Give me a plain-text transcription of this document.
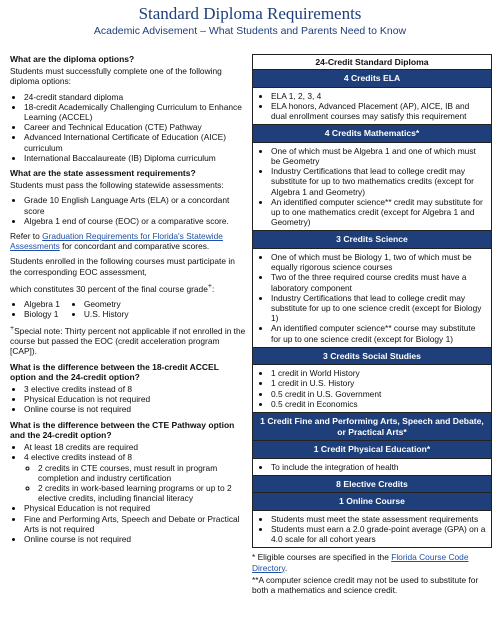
Standard Diploma Requirements
Academic Advisement – What Students and Parents Need to Know
What are the diploma options?

Students must successfully complete one of the following diploma options:

• 24-credit standard diploma
• 18-credit Academically Challenging Curriculum to Enhance Learning (ACCEL)
• Career and Technical Education (CTE) Pathway
• Advanced International Certificate of Education (AICE) curriculum
• International Baccalaureate (IB) Diploma curriculum
What are the state assessment requirements?

Students must pass the following statewide assessments:

• Grade 10 English Language Arts (ELA) or a concordant score
• Algebra 1 end of course (EOC) or a comparative score.

Refer to Graduation Requirements for Florida's Statewide Assessments for concordant and comparative scores.

Students enrolled in the following courses must participate in the corresponding EOC assessment,

which constitutes 30 percent of the final course grade+:

• Algebra 1
• Biology 1
• Geometry
• U.S. History

+Special note: Thirty percent not applicable if not enrolled in the course but passed the EOC (credit acceleration program [CAP]).

What is the difference between the 18-credit ACCEL option and the 24-credit option?
• 3 elective credits instead of 8
• Physical Education is not required
• Online course is not required
What is the difference between the CTE Pathway option and the 24-credit option?
• At least 18 credits are required
• 4 elective credits instead of 8
◦ 2 credits in CTE courses, must result in program completion and industry certification
◦ 2 credits in work-based learning programs or up to 2 elective credits, including financial literacy
• Physical Education is not required
• Fine and Performing Arts, Speech and Debate or Practical Arts is not required
• Online course is not required
24-Credit Standard Diploma
4 Credits ELA
• ELA 1, 2, 3, 4
• ELA honors, Advanced Placement (AP), AICE, IB and dual enrollment courses may satisfy this requirement
4 Credits Mathematics*
• One of which must be Algebra 1 and one of which must be Geometry
• Industry Certifications that lead to college credit may substitute for up to two mathematics credits (except for Algebra 1 and Geometry)
• An identified computer science** credit may substitute for up to one mathematics credit (except for Algebra 1 and Geometry)
3 Credits Science
• One of which must be Biology 1, two of which must be equally rigorous science courses
• Two of the three required course credits must have a laboratory component
• Industry Certifications that lead to college credit may substitute for up to one science credit (except for Biology 1)
• An identified computer science** course may substitute for up to one science credit (except for Biology 1)
3 Credits Social Studies
• 1 credit in World History
• 1 credit in U.S. History
• 0.5 credit in U.S. Government
• 0.5 credit in Economics
1 Credit Fine and Performing Arts, Speech and Debate, or Practical Arts*
1 Credit Physical Education*
• To include the integration of health
8 Elective Credits
1 Online Course
• Students must meet the state assessment requirements
• Students must earn a 2.0 grade-point average (GPA) on a 4.0 scale for all cohort years

* Eligible courses are specified in the Florida Course Code Directory.

**A computer science credit may not be used to substitute for both a mathematics and science credit.
